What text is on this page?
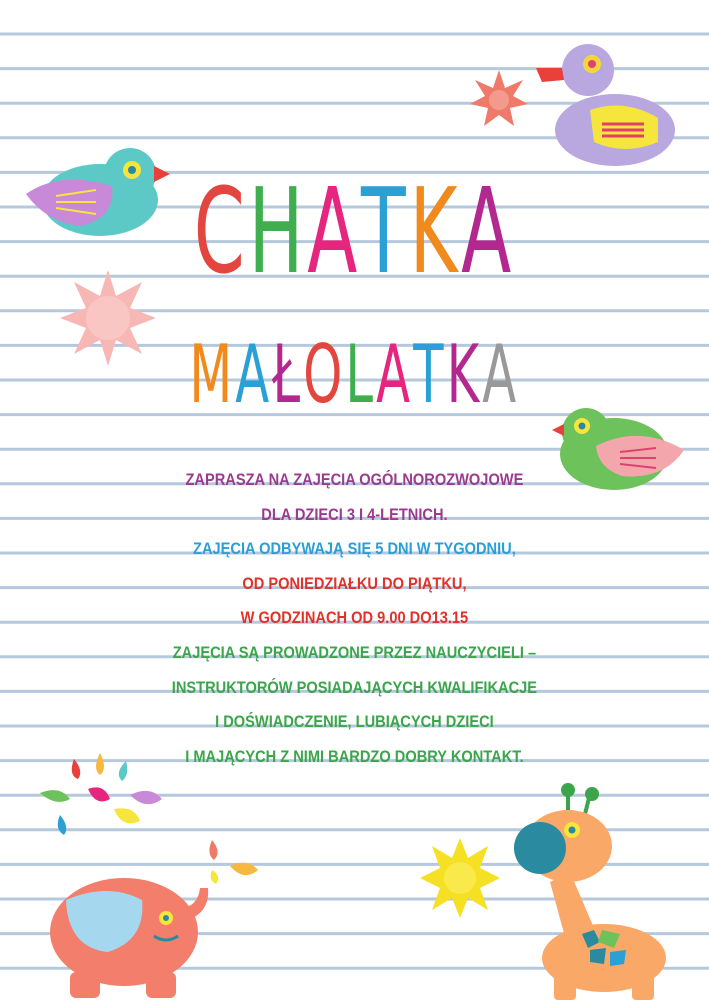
CHATKA
MAŁOLATKA
ZAPRASZA NA ZAJĘCIA OGÓLNOROZWOJOWE
DLA DZIECI 3 I 4-LETNICH.
ZAJĘCIA ODBYWAJĄ SIĘ 5 DNI W TYGODNIU,
OD PONIEDZIAŁKU DO PIĄTKU,
W GODZINACH OD 9.00 DO13.15
ZAJĘCIA SĄ PROWADZONE PRZEZ NAUCZYCIELI –
INSTRUKTORÓW POSIADAJĄCYCH KWALIFIKACJE
I DOŚWIADCZENIE, LUBIĄCYCH DZIECI
I MAJĄCYCH Z NIMI BARDZO DOBRY KONTAKT.
